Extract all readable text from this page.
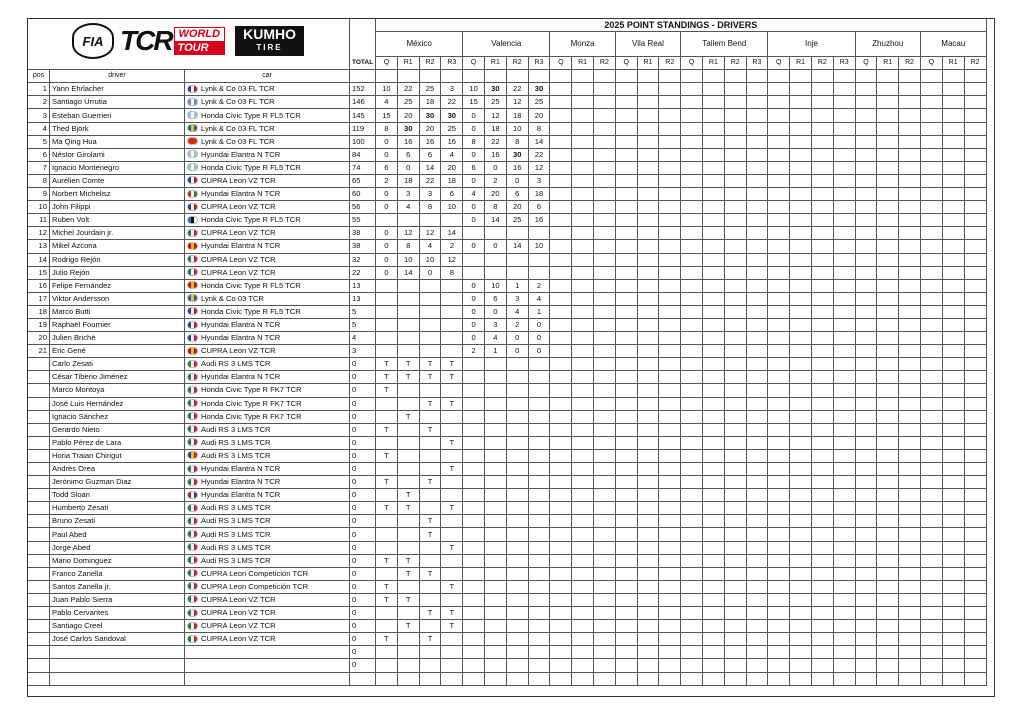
FIA TCR WORLD
TOUR
KUMHO
TIRE
			TOTAL	2025 POINT STANDINGS - DRIVERS																											
				México				Valencia				Monza			Vila Real			Tailem Bend				Inje				Zhuzhou			Macau		
				Q	R1	R2	R3	Q	R1	R2	R3	Q	R1	R2	Q	R1	R2	Q	R1	R2	R3	Q	R1	R2	R3	Q	R1	R2	Q	R1	R2
pos	driver	car																													
1	Yann Ehrlacher	Lynk & Co 03 FL TCR	152	10	22	25	3	10	30	22	30																				
2	Santiago Urrutia	Lynk & Co 03 FL TCR	146	4	25	18	22	15	25	12	25																				
3	Esteban Guerrieri	Honda Civic Type R FL5 TCR	145	15	20	30	30	0	12	18	20																				
4	Thed Björk	Lynk & Co 03 FL TCR	119	8	30	20	25	0	18	10	8																				
5	Ma Qing Hua	Lynk & Co 03 FL TCR	100	0	16	16	16	8	22	8	14																				
6	Néstor Girolami	Hyundai Elantra N TCR	84	0	6	6	4	0	16	30	22																				
7	Ignacio Montenegro	Honda Civic Type R FL5 TCR	74	6	0	14	20	6	0	16	12																				
8	Aurélien Comte	CUPRA Leon VZ TCR	65	2	18	22	18	0	2	0	3																				
9	Norbert Michelisz	Hyundai Elantra N TCR	60	0	3	3	6	4	20	6	18																				
10	John Filippi	CUPRA Leon VZ TCR	56	0	4	8	10	0	8	20	6																				
11	Ruben Volt	Honda Civic Type R FL5 TCR	55					0	14	25	16																				
12	Michel Jourdain jr.	CUPRA Leon VZ TCR	38	0	12	12	14																								
13	Mikel Azcona	Hyundai Elantra N TCR	38	0	8	4	2	0	0	14	10																				
14	Rodrigo Rejón	CUPRA Leon VZ TCR	32	0	10	10	12																								
15	Julio Rejón	CUPRA Leon VZ TCR	22	0	14	0	8																								
16	Felipe Fernández	Honda Civic Type R FL5 TCR	13					0	10	1	2																				
17	Viktor Andersson	Lynk & Co 03 TCR	13					0	6	3	4																				
18	Marco Butti	Honda Civic Type R FL5 TCR	5					0	0	4	1																				
19	Raphaël Fournier	Hyundai Elantra N TCR	5					0	3	2	0																				
20	Julien Briché	Hyundai Elantra N TCR	4					0	4	0	0																				
21	Eric Gené	CUPRA Leon VZ TCR	3					2	1	0	0																				
	Carlo Zesati	Audi RS 3 LMS TCR	0	T	T	T	T																								
	César Tiberio Jiménez	Hyundai Elantra N TCR	0	T	T	T	T																								
	Marco Montoya	Honda Civic Type R FK7 TCR	0	T																											
	José Luis Hernández	Honda Civic Type R FK7 TCR	0			T	T																								
	Ignacio Sánchez	Honda Civic Type R FK7 TCR	0		T																										
	Gerardo Nieto	Audi RS 3 LMS TCR	0	T		T																									
	Pablo Pérez de Lara	Audi RS 3 LMS TCR	0				T																								
	Horia Traian Chirigut	Audi RS 3 LMS TCR	0	T																											
	Andrés Orea	Hyundai Elantra N TCR	0				T																								
	Jerónimo Guzman Diaz	Hyundai Elantra N TCR	0	T		T																									
	Todd Sloan	Hyundai Elantra N TCR	0		T																										
	Humberto Zesati	Audi RS 3 LMS TCR	0	T	T		T																								
	Bruno Zesati	Audi RS 3 LMS TCR	0			T																									
	Paul Abed	Audi RS 3 LMS TCR	0			T																									
	Jorge Abed	Audi RS 3 LMS TCR	0				T																								
	Mario Dominguez	Audi RS 3 LMS TCR	0	T	T																										
	Franco Zanella	CUPRA Leon Competición TCR	0		T	T																									
	Santos Zanella jr.	CUPRA Leon Competición TCR	0	T			T																								
	Juan Pablo Sierra	CUPRA Leon VZ TCR	0	T	T																										
	Pablo Cervantes	CUPRA Leon VZ TCR	0			T	T																								
	Santiago Creel	CUPRA Leon VZ TCR	0		T		T																								
	José Carlos Sandoval	CUPRA Leon VZ TCR	0	T		T																									
			0																												
			0																												
